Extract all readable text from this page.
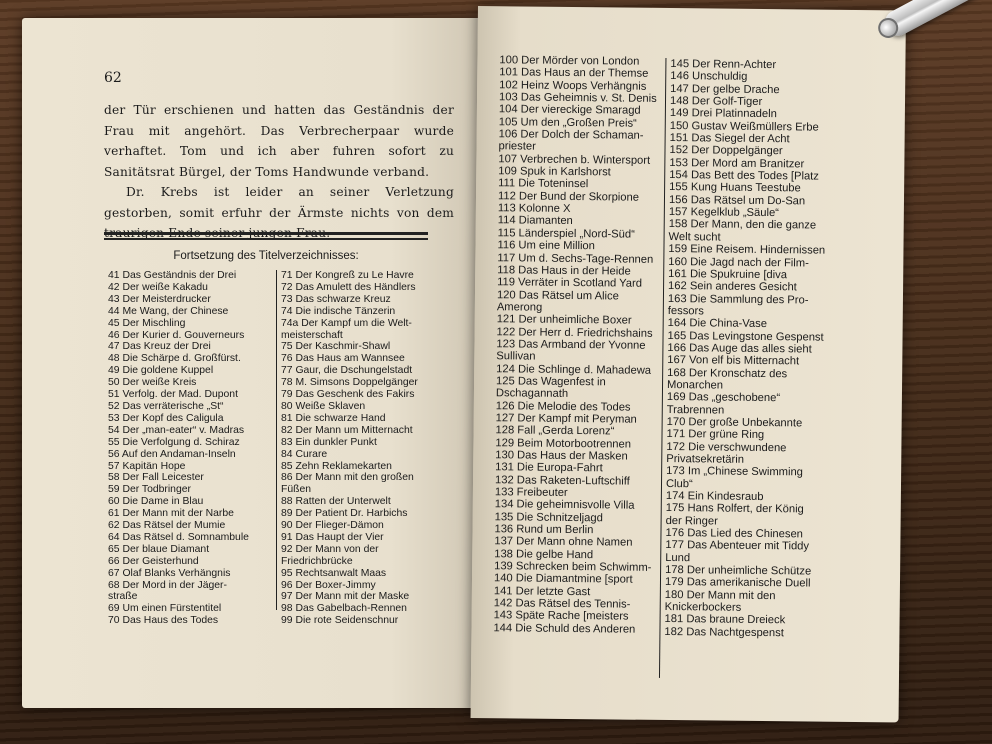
62

der Tür erschienen und hatten das Geständnis der Frau mit angehört. Das Verbrecherpaar wurde verhaftet. Tom und ich aber fuhren sofort zu Sanitätsrat Bürgel, der Toms Handwunde verband.

Dr. Krebs ist leider an seiner Verletzung gestorben, somit erfuhr der Ärmste nichts von dem traurigen Ende seiner jungen Frau.

Fortsetzung des Titelverzeichnisses:
41 Das Geständnis der Drei
42 Der weiße Kakadu
43 Der Meisterdrucker
44 Me Wang, der Chinese
45 Der Mischling
46 Der Kurier d. Gouverneurs
47 Das Kreuz der Drei
48 Die Schärpe d. Großfürst.
49 Die goldene Kuppel
50 Der weiße Kreis
51 Verfolg. der Mad. Dupont
52 Das verräterische „St“
53 Der Kopf des Caligula
54 Der „man-eater“ v. Madras
55 Die Verfolgung d. Schiraz
56 Auf den Andaman-Inseln
57 Kapitän Hope
58 Der Fall Leicester
59 Der Todbringer
60 Die Dame in Blau
61 Der Mann mit der Narbe
62 Das Rätsel der Mumie
64 Das Rätsel d. Somnambule
65 Der blaue Diamant
66 Der Geisterhund
67 Olaf Blanks Verhängnis
68 Der Mord in der Jäger-
straße
69 Um einen Fürstentitel
70 Das Haus des Todes
71 Der Kongreß zu Le Havre
72 Das Amulett des Händlers
73 Das schwarze Kreuz
74 Die indische Tänzerin
74a Der Kampf um die Welt-
meisterschaft
75 Der Kaschmir-Shawl
76 Das Haus am Wannsee
77 Gaur, die Dschungelstadt
78 M. Simsons Doppelgänger
79 Das Geschenk des Fakirs
80 Weiße Sklaven
81 Die schwarze Hand
82 Der Mann um Mitternacht
83 Ein dunkler Punkt
84 Curare
85 Zehn Reklamekarten
86 Der Mann mit den großen
Füßen
88 Ratten der Unterwelt
89 Der Patient Dr. Harbichs
90 Der Flieger-Dämon
91 Das Haupt der Vier
92 Der Mann von der
Friedrichbrücke
95 Rechtsanwalt Maas
96 Der Boxer-Jimmy
97 Der Mann mit der Maske
98 Das Gabelbach-Rennen
99 Die rote Seidenschnur
100 Der Mörder von London
101 Das Haus an der Themse
102 Heinz Woops Verhängnis
103 Das Geheimnis v. St. Denis
104 Der viereckige Smaragd
105 Um den „Großen Preis“
106 Der Dolch der Schaman-
priester
107 Verbrechen b. Wintersport
109 Spuk in Karlshorst
111 Die Toteninsel
112 Der Bund der Skorpione
113 Kolonne X
114 Diamanten
115 Länderspiel „Nord-Süd“
116 Um eine Million
117 Um d. Sechs-Tage-Rennen
118 Das Haus in der Heide
119 Verräter in Scotland Yard
120 Das Rätsel um Alice
Amerong
121 Der unheimliche Boxer
122 Der Herr d. Friedrichshains
123 Das Armband der Yvonne
Sullivan
124 Die Schlinge d. Mahadewa
125 Das Wagenfest in
Dschagannath
126 Die Melodie des Todes
127 Der Kampf mit Peryman
128 Fall „Gerda Lorenz“
129 Beim Motorbootrennen
130 Das Haus der Masken
131 Die Europa-Fahrt
132 Das Raketen-Luftschiff
133 Freibeuter
134 Die geheimnisvolle Villa
135 Die Schnitzeljagd
136 Rund um Berlin
137 Der Mann ohne Namen
138 Die gelbe Hand
139 Schrecken beim Schwimm-
140 Die Diamantmine [sport
141 Der letzte Gast
142 Das Rätsel des Tennis-
143 Späte Rache [meisters
144 Die Schuld des Anderen
145 Der Renn-Achter
146 Unschuldig
147 Der gelbe Drache
148 Der Golf-Tiger
149 Drei Platinnadeln
150 Gustav Weißmüllers Erbe
151 Das Siegel der Acht
152 Der Doppelgänger
153 Der Mord am Branitzer
154 Das Bett des Todes [Platz
155 Kung Huans Teestube
156 Das Rätsel um Do-San
157 Kegelklub „Säule“
158 Der Mann, den die ganze
Welt sucht
159 Eine Reisem. Hindernissen
160 Die Jagd nach der Film-
161 Die Spukruine [diva
162 Sein anderes Gesicht
163 Die Sammlung des Pro-
fessors
164 Die China-Vase
165 Das Levingstone Gespenst
166 Das Auge das alles sieht
167 Von elf bis Mitternacht
168 Der Kronschatz des
Monarchen
169 Das „geschobene“
Trabrennen
170 Der große Unbekannte
171 Der grüne Ring
172 Die verschwundene
Privatsekretärin
173 Im „Chinese Swimming
Club“
174 Ein Kindesraub
175 Hans Rolfert, der König
der Ringer
176 Das Lied des Chinesen
177 Das Abenteuer mit Tiddy
Lund
178 Der unheimliche Schütze
179 Das amerikanische Duell
180 Der Mann mit den
Knickerbockers
181 Das braune Dreieck
182 Das Nachtgespenst
